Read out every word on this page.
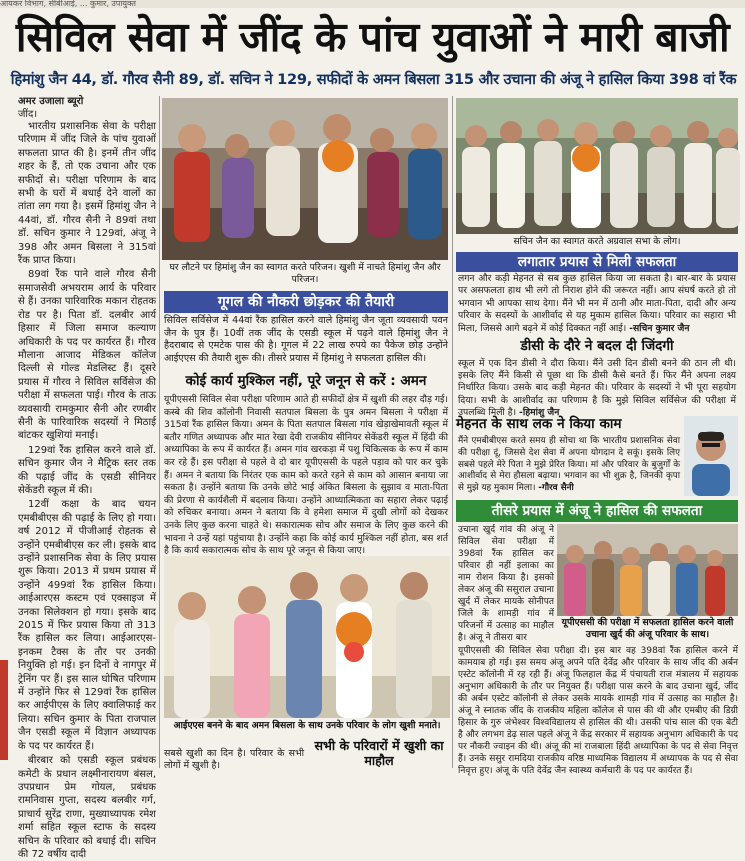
आयकर विभाग, सीबीआई, ... कुमार, उपायुक्त
सिविल सेवा में जींद के पांच युवाओं ने मारी बाजी
हिमांशु जैन 44, डॉ. गौरव सैनी 89, डॉ. सचिन ने 129, सफीदों के अमन बिसला 315 और उचाना की अंजू ने हासिल किया 398 वां रैंक
अमर उजाला ब्यूरो
जींद।

भारतीय प्रशासनिक सेवा के परीक्षा परिणाम में जींद जिले के पांच युवाओं सफलता प्राप्त की है। इनमें तीन जींद शहर के हैं, तो एक उचाना और एक सफीदों से। परीक्षा परिणाम के बाद सभी के घरों में बधाई देने वालों का तांता लग गया है। इसमें हिमांशु जैन ने 44वां, डॉ. गौरव सैनी ने 89वां तथा डॉ. सचिन कुमार ने 129वां, अंजू ने 398 और अमन बिसला ने 315वां रैंक प्राप्त किया।

89वां रैंक पाने वाले गौरव सैनी समाजसेवी अभयराम आर्य के परिवार से हैं। उनका पारिवारिक मकान रोहतक रोड पर है। पिता डॉ. दलबीर आर्य हिसार में जिला समाज कल्याण अधिकारी के पद पर कार्यरत हैं। गौरव मौलाना आजाद मेडिकल कॉलेज दिल्ली से गोल्ड मेडलिस्ट हैं। दूसरे प्रयास में गौरव ने सिविल सर्विसेज की परीक्षा में सफलता पाई। गौरव के ताऊ व्यवसायी रामकुमार सैनी और रणबीर सैनी के पारिवारिक सदस्यों ने मिठाई बांटकर खुशियां मनाईं।

129वां रैंक हासिल करने वाले डॉ. सचिन कुमार जैन ने मैट्रिक स्तर तक की पढ़ाई जींद के एसडी सीनियर सेकेंडरी स्कूल में की।

12वीं कक्षा के बाद चयन एमबीबीएस की पढ़ाई के लिए हो गया। वर्ष 2012 में पीजीआई रोहतक से उन्होंने एमबीबीएस कर ली। इसके बाद उन्होंने प्रशासनिक सेवा के लिए प्रयास शुरू किया। 2013 में प्रथम प्रयास में उन्होंने 499वां रैंक हासिल किया। आईआरएस कस्टम एवं एक्साइज में उनका सिलेक्शन हो गया। इसके बाद 2015 में फिर प्रयास किया तो 313 रैंक हासिल कर लिया। आईआरएस-इनकम टैक्स के तौर पर उनकी नियुक्ति हो गई। इन दिनों वे नागपुर में ट्रेनिंग पर हैं। इस साल घोषित परिणाम में उन्होंने फिर से 129वां रैंक हासिल कर आईपीएस के लिए क्वालिफाई कर लिया। सचिन कुमार के पिता राजपाल जैन एसडी स्कूल में विज्ञान अध्यापक के पद पर कार्यरत हैं।

बीरबार को एसडी स्कूल प्रबंधक कमेटी के प्रधान लक्ष्मीनारायण बंसल, उपप्रधान प्रेम गोयल, प्रबंधक रामनिवास गुप्ता, सदस्य बलबीर गर्ग, प्राचार्य सुरेंद्र राणा, मुख्याध्यापक रमेश शर्मा सहित स्कूल स्टाफ के सदस्य सचिन के परिवार को बधाई दी। सचिन की 72 वर्षीय दादी

घर लौटने पर हिमांशु जैन का स्वागत करते परिजन। खुशी में नाचते हिमांशु जैन और परिजन।
सचिन जैन का स्वागत करते अग्रवाल सभा के लोग।
गूगल की नौकरी छोड़कर की तैयारी
सिविल सर्विसेज में 44वां रैंक हासिल करने वाले हिमांशु जैन जूता व्यवसायी पवन जैन के पुत्र हैं। 10वीं तक जींद के एसडी स्कूल में पढ़ने वाले हिमांशु जैन ने हैदराबाद से एमटेक पास की है। गूगल में 22 लाख रुपये का पैकेज छोड़ उन्होंने आईएएस की तैयारी शुरू की। तीसरे प्रयास में हिमांशु ने सफलता हासिल की।
कोई कार्य मुश्किल नहीं, पूरे जनून से करें : अमन
यूपीएससी सिविल सेवा परीक्षा परिणाम आते ही सफीदों क्षेत्र में खुशी की लहर दौड़ गई। कस्बे की शिव कॉलोनी निवासी सतपाल बिसला के पुत्र अमन बिसला ने परीक्षा में 315वां रैंक हासिल किया। अमन के पिता सतपाल बिसला गांव खेड़ाखेमावती स्कूल में बतौर गणित अध्यापक और मात रेखा देवी राजकीय सीनियर सेकेंडरी स्कूल में हिंदी की अध्यापिका के रूप में कार्यरत हैं। अमन गांव खरकड़ा में पशु चिकित्सक के रूप में काम कर रहे हैं। इस परीक्षा से पहले वे दो बार यूपीएससी के पहले पड़ाव को पार कर चुके हैं। अमन ने बताया कि निरंतर एक काम को करते रहने से काम को आसान बनाया जा सकता है। उन्होंने बताया कि उनके छोटे भाई अंकित बिसला के सुझाव व माता-पिता की प्रेरणा से कार्यशैली में बदलाव किया। उन्होंने आध्यात्मिकता का सहारा लेकर पढ़ाई को रुचिकर बनाया। अमन ने बताया कि वे हमेशा समाज में दुखी लोगों को देखकर उनके लिए कुछ करना चाहते थे। सकारात्मक सोच और समाज के लिए कुछ करने की भावना ने उन्हें यहां पहुंचाया है। उन्होंने कहा कि कोई कार्य मुश्किल नहीं होता, बस शर्त है कि कार्य सकारात्मक सोच के साथ पूरे जनून से किया जाए।
लगातार प्रयास से मिली सफलता
लगन और कड़ी मेहनत से सब कुछ हासिल किया जा सकता है। बार-बार के प्रयास पर असफलता हाथ भी लगे तो निराश होने की जरूरत नहीं। आप संघर्ष करते हो तो भगवान भी आपका साथ देगा। मैंने भी मन में ठानी और माता-पिता, दादी और अन्य परिवार के सदस्यों के आशीर्वाद से यह मुकाम हासिल किया। परिवार का सहारा भी मिला, जिससे आगे बढ़ने में कोई दिक्कत नहीं आई। -सचिन कुमार जैन
डीसी के दौरे ने बदल दी जिंदगी
स्कूल में एक दिन डीसी ने दौरा किया। मैंने उसी दिन डीसी बनने की ठान ली थी। इसके लिए मैंने किसी से पूछा था कि डीसी कैसे बनते हैं। फिर मैंने अपना लक्ष्य निर्धारित किया। उसके बाद कड़ी मेहनत की। परिवार के सदस्यों ने भी पूरा सहयोग दिया। सभी के आशीर्वाद का परिणाम है कि मुझे सिविल सर्विसेज की परीक्षा में उपलब्धि मिली है। -हिमांशु जैन
मेहनत के साथ लक ने किया काम
मैंने एमबीबीएस करते समय ही सोचा था कि भारतीय प्रशासनिक सेवा की परीक्षा दूं, जिससे देश सेवा में अपना योगदान दे सकूं। इसके लिए सबसे पहले मेरे पिता ने मुझे प्रेरित किया। मां और परिवार के बुजुर्गों के आशीर्वाद से मेरा हौसला बढ़ाया। भगवान का भी शुक्र है, जिनकी कृपा से मुझे यह मुकाम मिला। -गौरव सैनी
तीसरे प्रयास में अंजू ने हासिल की सफलता
उचाना खुर्द गांव की अंजू ने सिविल सेवा परीक्षा में 398वां रैंक हासिल कर परिवार ही नहीं इलाका का नाम रोशन किया है। इसको लेकर अंजू की ससुराल उचाना खुर्द में लेकर मायके सोनीपत जिले के शामड़ी गांव में परिजनों में उत्साह का माहौल है। अंजू ने तीसरा बार
यूपीएससी की परीक्षा में सफलता हासिल करने वाली उचाना खुर्द की अंजू परिवार के साथ।
यूपीएससी की सिविल सेवा परीक्षा दी। इस बार वह 398वां रैंक हासिल करने में कामयाब हो गई। इस समय अंजू अपने पति देवेंद्र और परिवार के साथ जींद की अर्बन एस्टेट कॉलोनी में रह रही हैं। अंजू फिलहाल केंद्र में पंचायती राज मंत्रालय में सहायक अनुभाग अधिकारी के तौर पर नियुक्त हैं। परीक्षा पास करने के बाद उचाना खुर्द, जींद की अर्बन एस्टेट कॉलोनी से लेकर उसके मायके शामड़ी गांव में उत्साह का माहौल है। अंजू ने स्नातक जींद के राजकीय महिला कॉलेज से पास की थी और एमबीए की डिग्री हिसार के गुरु जंभेश्वर विश्वविद्यालय से हासिल की थी। उसकी पांच साल की एक बेटी है और लगभग डेढ़ साल पहले अंजू ने केंद्र सरकार में सहायक अनुभाग अधिकारी के पद पर नौकरी ज्वाइन की थी। अंजू की मां राजबाला हिंदी अध्यापिका के पद से सेवा निवृत्त हैं। उनके ससुर रामदिया राजकीय वरिष्ठ माध्यमिक विद्यालय में अध्यापक के पद से सेवा निवृत्त हुए। अंजू के पति देवेंद्र जैन स्वास्थ्य कर्मचारी के पद पर कार्यरत हैं।
आईएएस बनने के बाद अमन बिसला के साथ उनके परिवार के लोग खुशी मनाते।
सबसे खुशी का दिन है। परिवार के सभी लोगों में खुशी है।
सभी के परिवारों में खुशी का माहौल
